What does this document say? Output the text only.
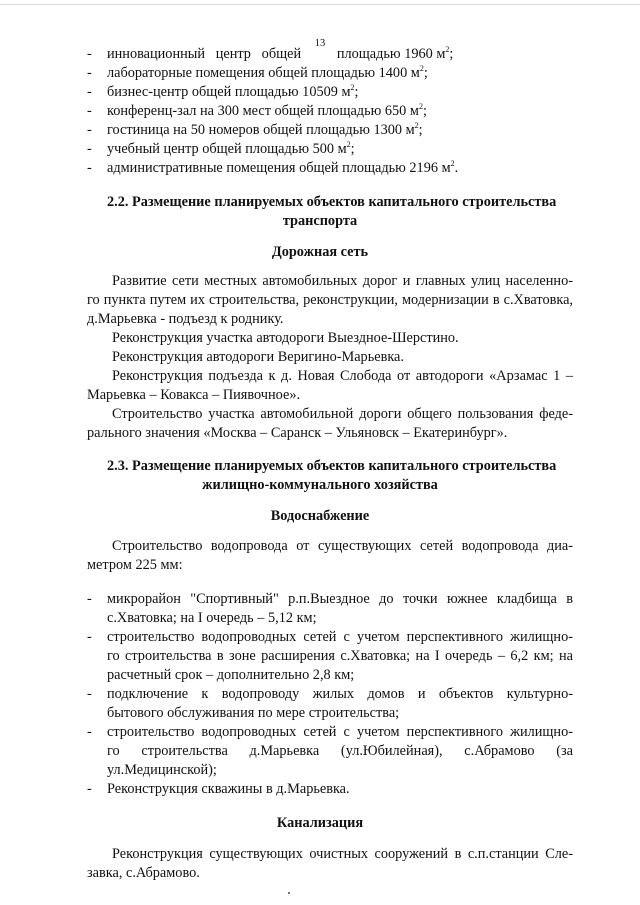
13
- инновационный   центр   общей          площадью 1960 $м^2$;
- лабораторные помещения общей площадью 1400 $м^2$;
- бизнес-центр общей площадью 10509 $м^2$;
- конференц-зал на 300 мест общей площадью 650 $м^2$;
- гостиница на 50 номеров общей площадью 1300 $м^2$;
- учебный центр общей площадью 500 $м^2$;
- административные помещения общей площадью 2196 $м^2$.
2.2. Размещение планируемых объектов капитального строительства
транспорта
Дорожная сеть
Развитие сети местных автомобильных дорог и главных улиц населенно-
го пункта путем их строительства, реконструкции, модернизации в с.Хватовка,
д.Марьевка - подъезд к роднику.
Реконструкция участка автодороги Выездное-Шерстино.
Реконструкция автодороги Веригино-Марьевка.
Реконструкция подъезда к д. Новая Слобода от автодороги «Арзамас 1 –
Марьевка – Ковакса – Пиявочное».
Строительство участка автомобильной дороги общего пользования феде-
рального значения «Москва – Саранск – Ульяновск – Екатеринбург».
2.3. Размещение планируемых объектов капитального строительства
жилищно-коммунального хозяйства
Водоснабжение
Строительство водопровода от существующих сетей водопровода диа-
метром 225 мм:
- микрорайон "Спортивный" р.п.Выездное до точки южнее кладбища в
с.Хватовка; на I очередь – 5,12 км;
- строительство водопроводных сетей с учетом перспективного жилищно-
го строительства в зоне расширения с.Хватовка; на I очередь – 6,2 км; на
расчетный срок – дополнительно 2,8 км;
- подключение к водопроводу жилых домов и объектов культурно-
бытового обслуживания по мере строительства;
- строительство водопроводных сетей с учетом перспективного жилищно-
го   строительства   д.Марьевка   (ул.Юбилейная),   с.Абрамово   (за
ул.Медицинской);
- Реконструкция скважины в д.Марьевка.
Канализация
Реконструкция существующих очистных сооружений в с.п.станции Сле-
завка, с.Абрамово.
